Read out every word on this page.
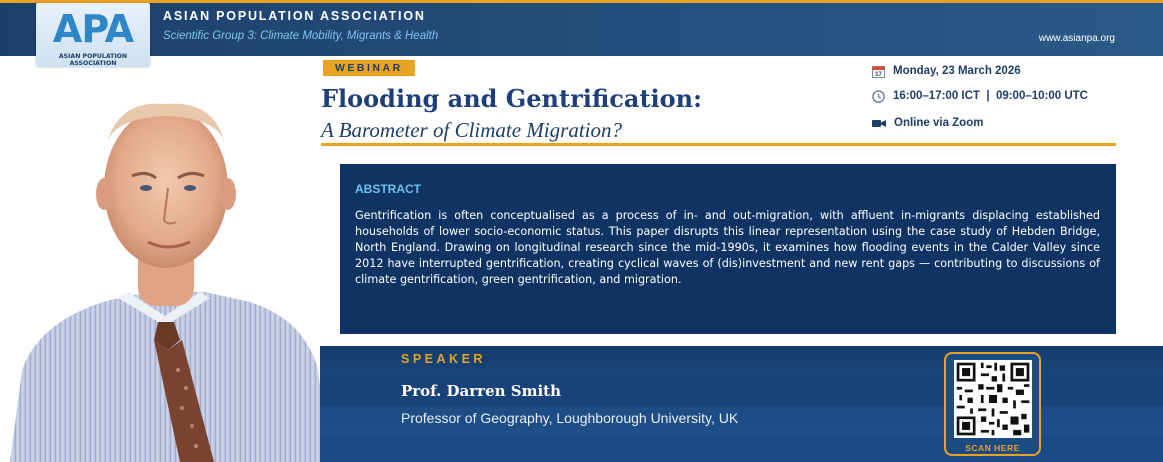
APA
ASIAN POPULATION ASSOCIATION
ASIAN POPULATION ASSOCIATION
Scientific Group 3: Climate Mobility, Migrants & Health	www.asianpa.org
WEBINAR
Flooding and Gentrification:
A Barometer of Climate Migration?
17 Monday, 23 March 2026
16:00–17:00 ICT  |  09:00–10:00 UTC
Online via Zoom
ABSTRACT
Gentrification is often conceptualised as a process of in- and out-migration, with affluent in-migrants displacing established households of lower socio-economic status. This paper disrupts this linear representation using the case study of Hebden Bridge, North England. Drawing on longitudinal research since the mid-1990s, it examines how flooding events in the Calder Valley since 2012 have interrupted gentrification, creating cyclical waves of (dis)investment and new rent gaps — contributing to discussions of climate gentrification, green gentrification, and migration.
SPEAKER
Prof. Darren Smith
Professor of Geography, Loughborough University, UK
SCAN HERE
